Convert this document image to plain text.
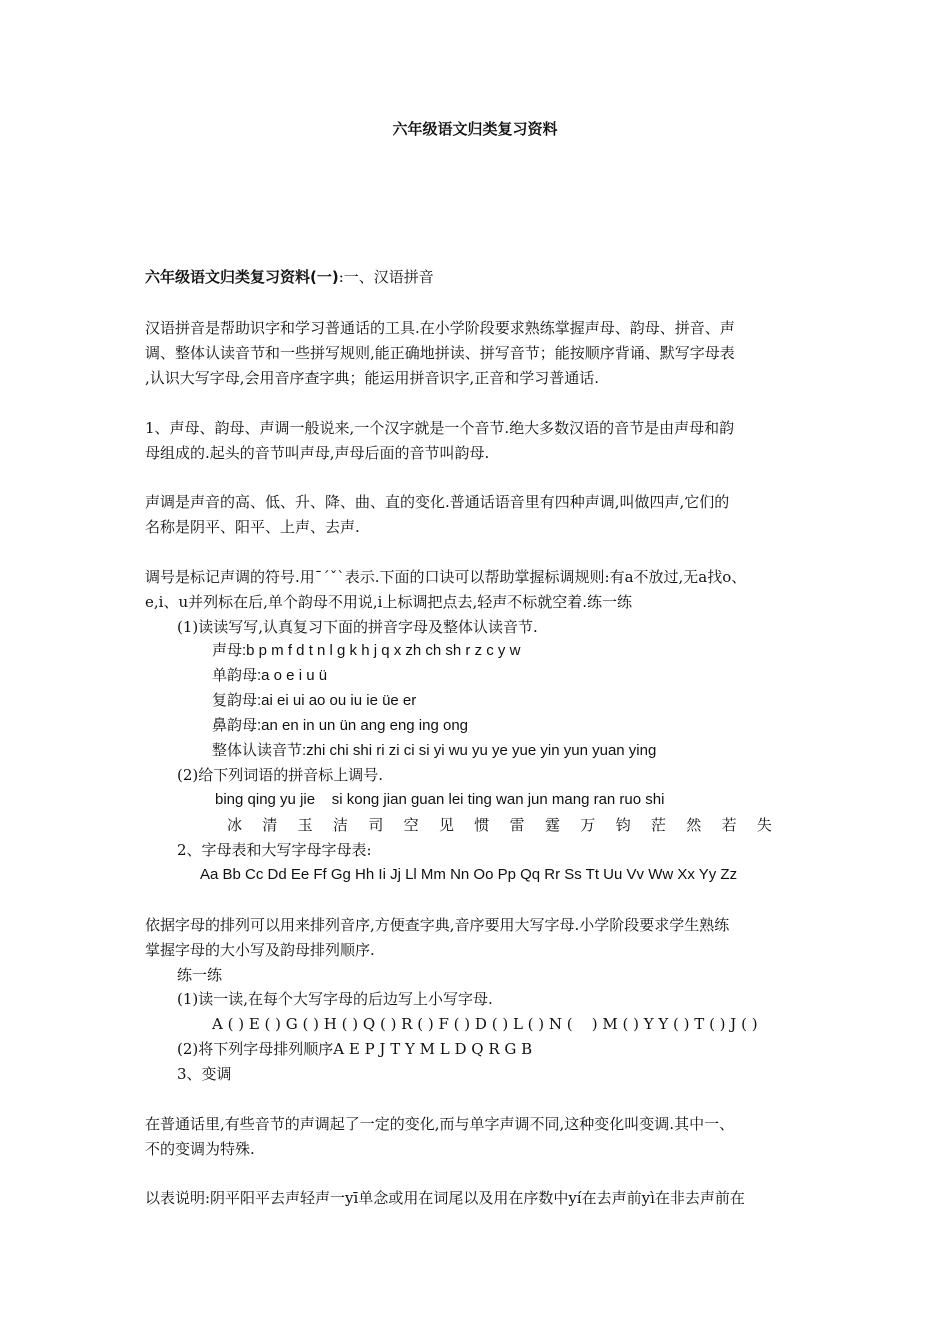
六年级语文归类复习资料
六年级语文归类复习资料(一):一、汉语拼音
汉语拼音是帮助识字和学习普通话的工具.在小学阶段要求熟练掌握声母、韵母、拼音、声
调、整体认读音节和一些拼写规则,能正确地拼读、拼写音节；能按顺序背诵、默写字母表
,认识大写字母,会用音序查字典；能运用拼音识字,正音和学习普通话.
1、声母、韵母、声调一般说来,一个汉字就是一个音节.绝大多数汉语的音节是由声母和韵
母组成的.起头的音节叫声母,声母后面的音节叫韵母.
声调是声音的高、低、升、降、曲、直的变化.普通话语音里有四种声调,叫做四声,它们的
名称是阴平、阳平、上声、去声.
调号是标记声调的符号.用ˉˊˇˋ表示.下面的口诀可以帮助掌握标调规则:有a不放过,无a找o、
e,i、u并列标在后,单个韵母不用说,i上标调把点去,轻声不标就空着.练一练
(1)读读写写,认真复习下面的拼音字母及整体认读音节.
声母:b p m f d t n l g k h j q x zh ch sh r z c y w
单韵母:a o e i u ü
复韵母:ai ei ui ao ou iu ie üe er
鼻韵母:an en in un ün ang eng ing ong
整体认读音节:zhi chi shi ri zi ci si yi wu yu ye yue yin yun yuan ying
(2)给下列词语的拼音标上调号.
bing qing yu jie    si kong jian guan lei ting wan jun mang ran ruo shi
冰 清 玉 洁 司 空 见 惯 雷 霆 万 钧 茫 然 若 失
2、字母表和大写字母字母表:
Aa Bb Cc Dd Ee Ff Gg Hh Ii Jj Ll Mm Nn Oo Pp Qq Rr Ss Tt Uu Vv Ww Xx Yy Zz
依据字母的排列可以用来排列音序,方便查字典,音序要用大写字母.小学阶段要求学生熟练
掌握字母的大小写及韵母排列顺序.
练一练
(1)读一读,在每个大写字母的后边写上小写字母.
A ( ) E ( ) G ( ) H ( ) Q ( ) R ( ) F ( ) D ( ) L ( ) N (    ) M ( ) Y Y ( ) T ( ) J ( )
(2)将下列字母排列顺序A E P J T Y M L D Q R G B
3、变调
在普通话里,有些音节的声调起了一定的变化,而与单字声调不同,这种变化叫变调.其中一、
不的变调为特殊.
以表说明:阴平阳平去声轻声一yī单念或用在词尾以及用在序数中yí在去声前yì在非去声前在
